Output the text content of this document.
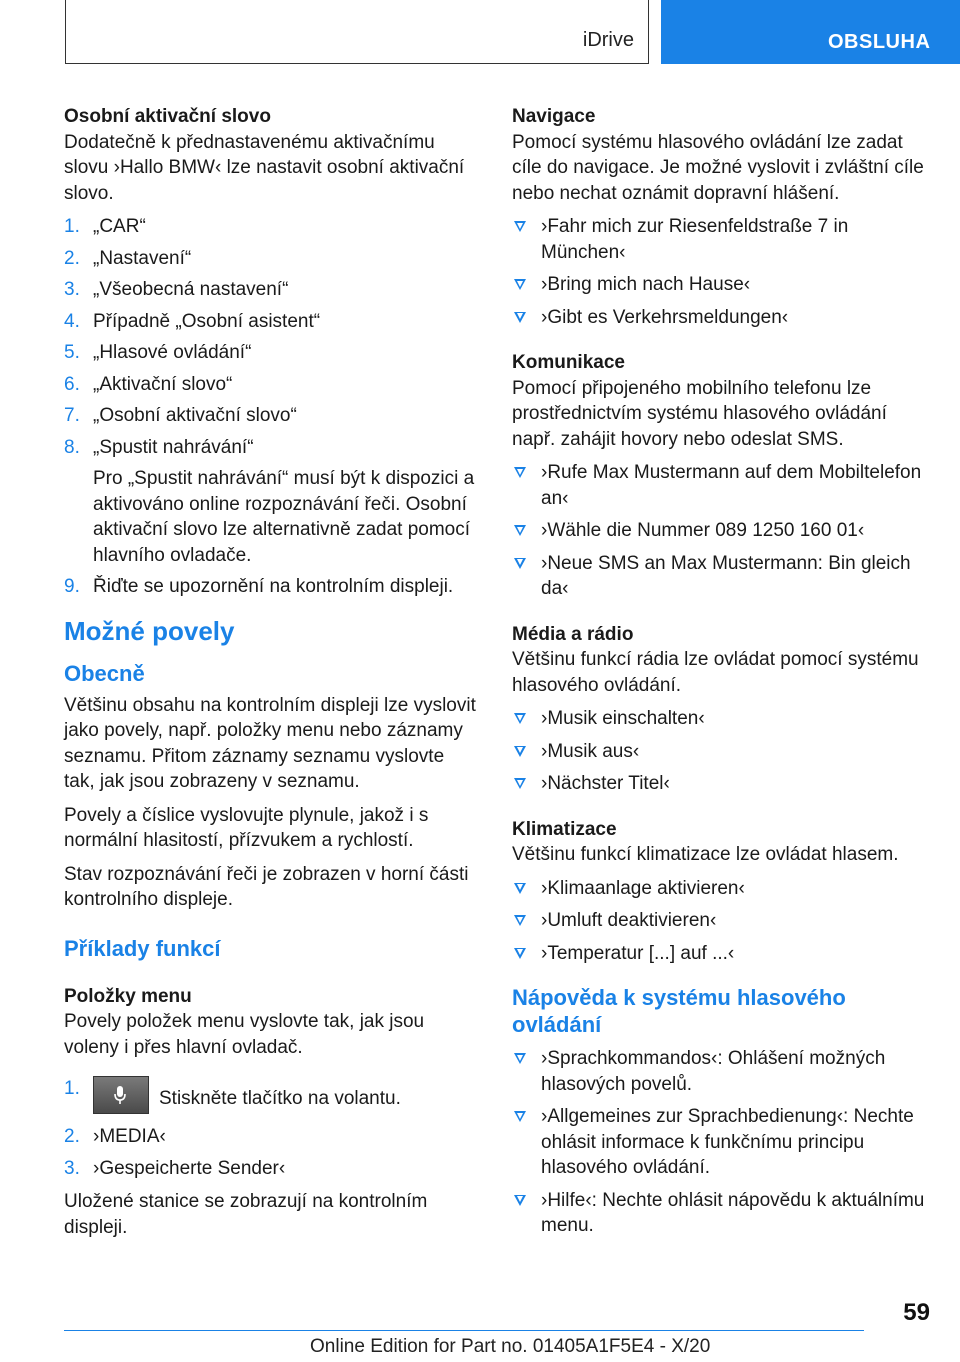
iDrive	OBSLUHA

Osobní aktivační slovo

Dodatečně k přednastavenému aktivačnímu slovu ›Hallo BMW‹ lze nastavit osobní aktivační slovo.

1. „CAR“
2. „Nastavení“
3. „Všeobecná nastavení“
4. Případně „Osobní asistent“
5. „Hlasové ovládání“
6. „Aktivační slovo“
7. „Osobní aktivační slovo“
8. „Spustit nahrávání“
Pro „Spustit nahrávání“ musí být k dispozici a aktivováno online rozpoznávání řeči. Osobní aktivační slovo lze alternativně zadat pomocí hlavního ovladače.
9. Řiďte se upozornění na kontrolním displeji.
Možné povely
Obecně

Většinu obsahu na kontrolním displeji lze vyslovit jako povely, např. položky menu nebo záznamy seznamu. Přitom záznamy seznamu vyslovte tak, jak jsou zobrazeny v seznamu.

Povely a číslice vyslovujte plynule, jakož i s normální hlasitostí, přízvukem a rychlostí.

Stav rozpoznávání řeči je zobrazen v horní části kontrolního displeje.

Příklady funkcí

Položky menu

Povely položek menu vyslovte tak, jak jsou voleny i přes hlavní ovladač.

1.	Stiskněte tlačítko na volantu.
2. ›MEDIA‹
3. ›Gespeicherte Sender‹

Uložené stanice se zobrazují na kontrolním displeji.

Navigace

Pomocí systému hlasového ovládání lze zadat cíle do navigace. Je možné vyslovit i zvláštní cíle nebo nechat oznámit dopravní hlášení.

›Fahr mich zur Riesenfeldstraße 7 in München‹
›Bring mich nach Hause‹
›Gibt es Verkehrsmeldungen‹

Komunikace

Pomocí připojeného mobilního telefonu lze prostřednictvím systému hlasového ovládání např. zahájit hovory nebo odeslat SMS.

›Rufe Max Mustermann auf dem Mobiltelefon an‹
›Wähle die Nummer 089 1250 160 01‹
›Neue SMS an Max Mustermann: Bin gleich da‹

Média a rádio

Většinu funkcí rádia lze ovládat pomocí systému hlasového ovládání.

›Musik einschalten‹
›Musik aus‹
›Nächster Titel‹

Klimatizace

Většinu funkcí klimatizace lze ovládat hlasem.

›Klimaanlage aktivieren‹
›Umluft deaktivieren‹
›Temperatur [...] auf ...‹
Nápověda k systému hlasového ovládání
›Sprachkommandos‹: Ohlášení možných hlasových povelů.
›Allgemeines zur Sprachbedienung‹: Nechte ohlásit informace k funkčnímu principu hlasového ovládání.
›Hilfe‹: Nechte ohlásit nápovědu k aktuálnímu menu.
59
Online Edition for Part no. 01405A1F5E4 - X/20
